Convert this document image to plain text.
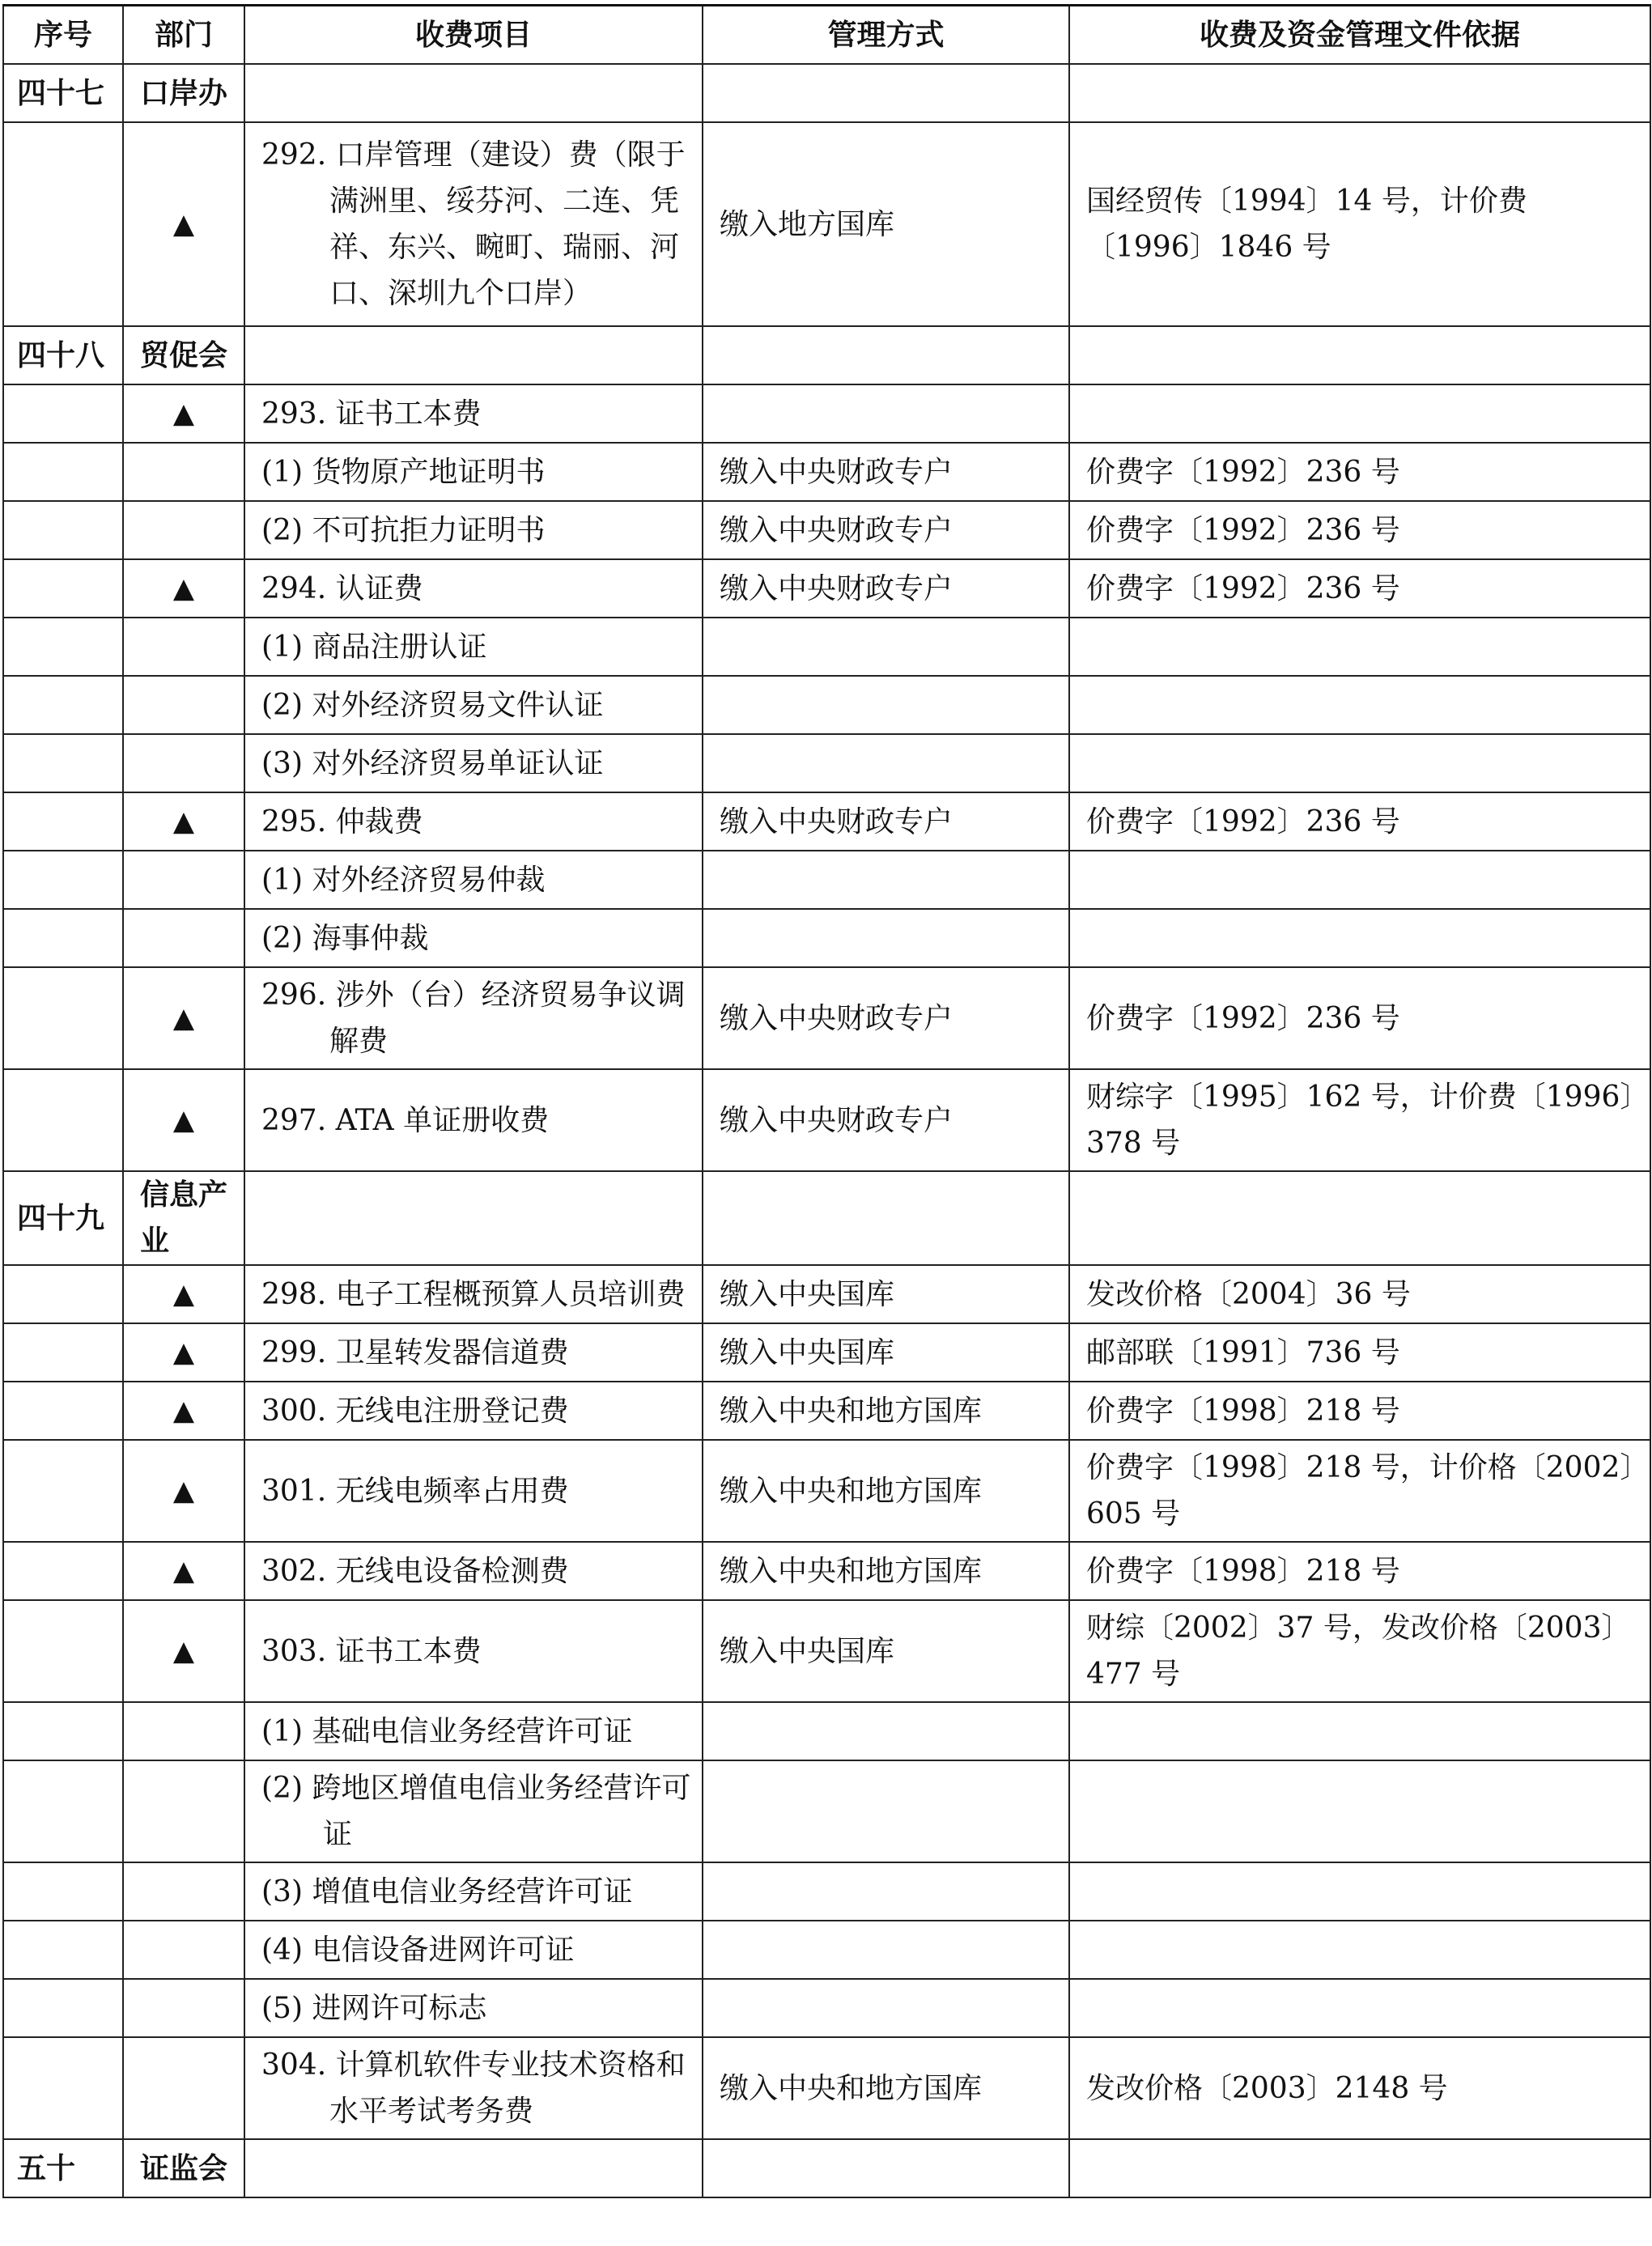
序号	部门	收费项目	管理方式	收费及资金管理文件依据
四十七	口岸办			
	▲	292. 口岸管理（建设）费（限于满洲里、绥芬河、二连、凭祥、东兴、畹町、瑞丽、河口、深圳九个口岸）	缴入地方国库	国经贸传〔1994〕14 号，计价费〔1996〕1846 号
四十八	贸促会			
	▲	293. 证书工本费		

		(1) 货物原产地证明书	缴入中央财政专户	价费字〔1992〕236 号

		(2) 不可抗拒力证明书	缴入中央财政专户	价费字〔1992〕236 号
	▲	294. 认证费	缴入中央财政专户	价费字〔1992〕236 号

		(1) 商品注册认证		

		(2) 对外经济贸易文件认证		

		(3) 对外经济贸易单证认证		

	▲	295. 仲裁费	缴入中央财政专户	价费字〔1992〕236 号

		(1) 对外经济贸易仲裁		

		(2) 海事仲裁		

	▲	296. 涉外（台）经济贸易争议调解费	缴入中央财政专户	价费字〔1992〕236 号
	▲	297. ATA 单证册收费	缴入中央财政专户	财综字〔1995〕162 号，计价费〔1996〕378 号
四十九	信息产业			
	▲	298. 电子工程概预算人员培训费	缴入中央国库	发改价格〔2004〕36 号
	▲	299. 卫星转发器信道费	缴入中央国库	邮部联〔1991〕736 号
	▲	300. 无线电注册登记费	缴入中央和地方国库	价费字〔1998〕218 号
	▲	301. 无线电频率占用费	缴入中央和地方国库	价费字〔1998〕218 号，计价格〔2002〕605 号
	▲	302. 无线电设备检测费	缴入中央和地方国库	价费字〔1998〕218 号
	▲	303. 证书工本费	缴入中央国库	财综〔2002〕37 号，发改价格〔2003〕477 号

		(1) 基础电信业务经营许可证		

		(2) 跨地区增值电信业务经营许可证		

		(3) 增值电信业务经营许可证		

		(4) 电信设备进网许可证		

		(5) 进网许可标志		

		304. 计算机软件专业技术资格和水平考试考务费	缴入中央和地方国库	发改价格〔2003〕2148 号
五十	证监会			
